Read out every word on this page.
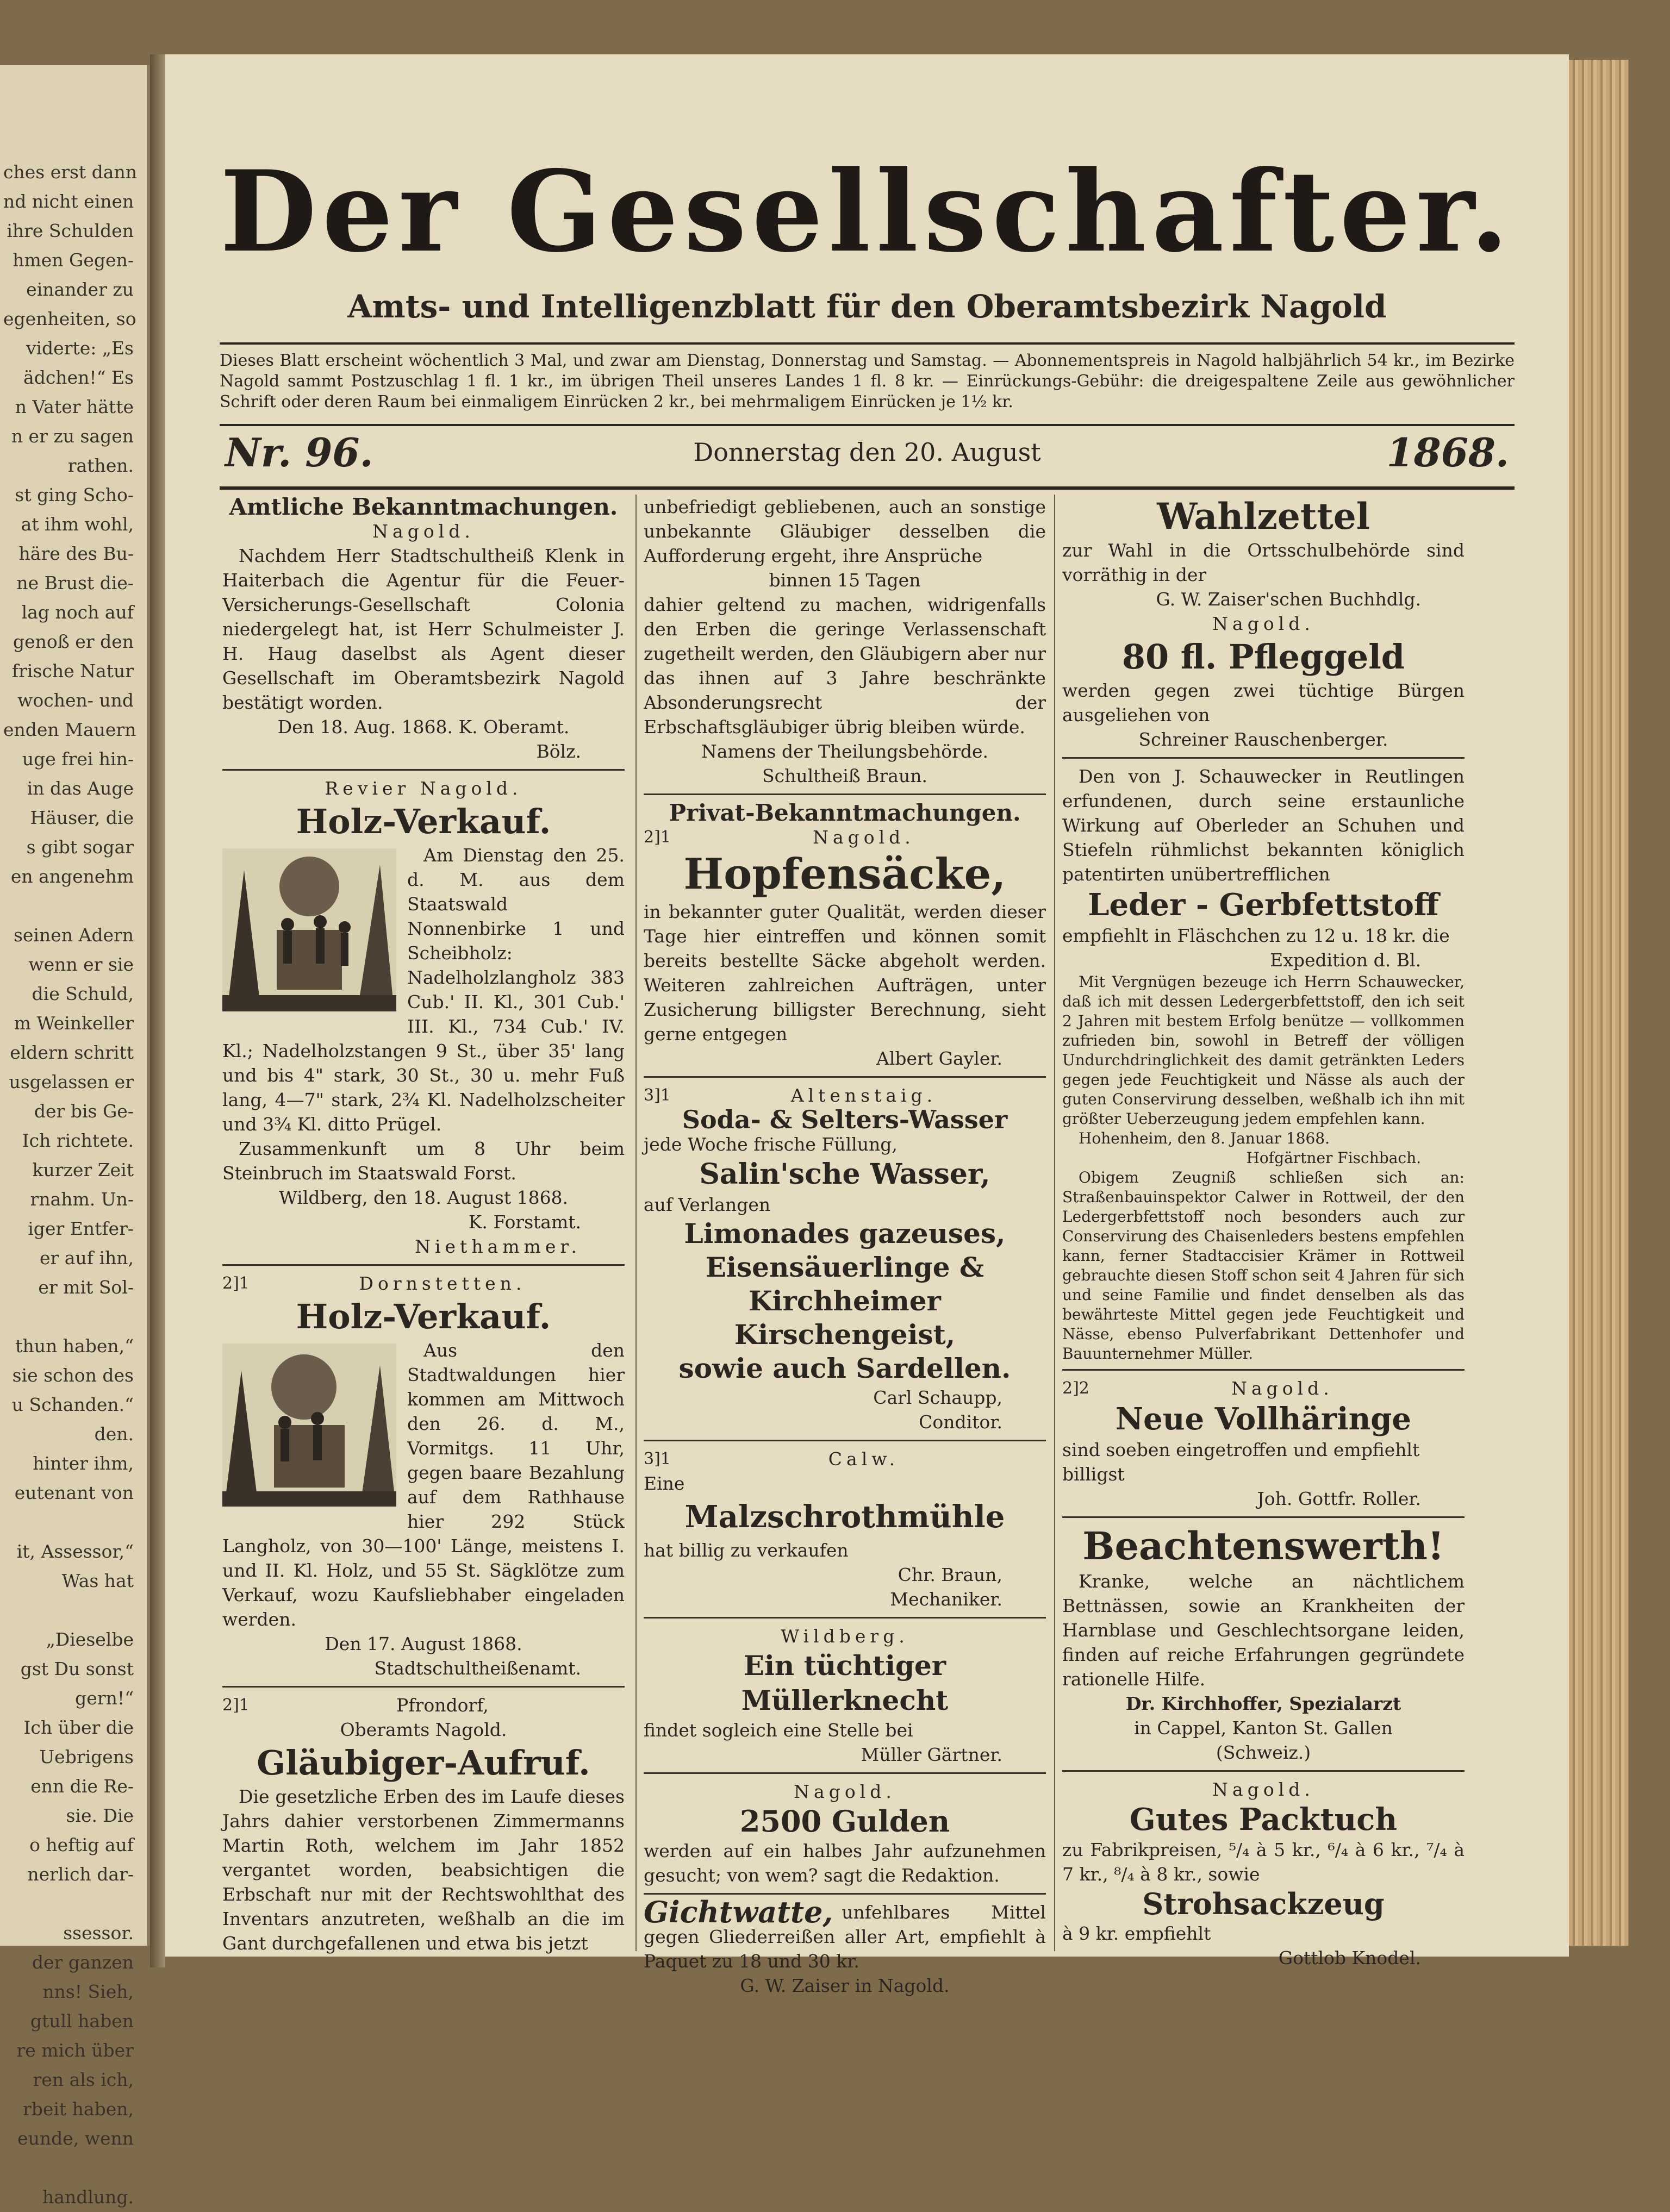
ches erst dann
nd nicht einen
ihre Schulden
hmen Gegen-
einander zu
egenheiten, so
viderte: „Es
ädchen!“ Es
n Vater hätte
n er zu sagen
rathen.
st ging Scho-
at ihm wohl,
häre des Bu-
ne Brust die-
lag noch auf
genoß er den
frische Natur
wochen- und
enden Mauern
uge frei hin-
in das Auge
Häuser, die
s gibt sogar
en angenehm

seinen Adern
wenn er sie
die Schuld,
m Weinkeller
eldern schritt
usgelassen er
der bis Ge-
Ich richtete.
kurzer Zeit
rnahm. Un-
iger Entfer-
er auf ihn,
er mit Sol-

thun haben,“
sie schon des
u Schanden.“
den.
hinter ihm,
eutenant von

it, Assessor,“
Was hat

„Dieselbe
gst Du sonst
gern!“
Ich über die
Uebrigens
enn die Re-
sie. Die
o heftig auf
nerlich dar-

ssessor.
der ganzen
nns! Sieh,
gtull haben
re mich über
ren als ich,
rbeit haben,
eunde, wenn

handlung.
Der Gesellschafter.
Amts- und Intelligenzblatt für den Oberamtsbezirk Nagold
Dieses Blatt erscheint wöchentlich 3 Mal, und zwar am Dienstag, Donnerstag und Samstag. — Abonnementspreis in Nagold halbjährlich 54 kr., im Bezirke Nagold sammt Postzuschlag 1 fl. 1 kr., im übrigen Theil unseres Landes 1 fl. 8 kr. — Einrückungs-Gebühr: die dreigespaltene Zeile aus gewöhnlicher Schrift oder deren Raum bei einmaligem Einrücken 2 kr., bei mehrmaligem Einrücken je 1½ kr.
Nr. 96.	Donnerstag den 20. August	1868.
Amtliche Bekanntmachungen.
Nagold.

Nachdem Herr Stadtschultheiß Klenk in Haiterbach die Agentur für die Feuer-Versicherungs-Gesellschaft Colonia niedergelegt hat, ist Herr Schulmeister J. H. Haug daselbst als Agent dieser Gesellschaft im Oberamtsbezirk Nagold bestätigt worden.

Den 18. Aug. 1868. K. Oberamt.
Bölz.
Revier Nagold.
Holz-Verkauf.

Am Dienstag den 25. d. M. aus dem Staatswald Nonnenbirke 1 und Scheibholz: Nadelholzlangholz 383 Cub.' II. Kl., 301 Cub.' III. Kl., 734 Cub.' IV. Kl.; Nadelholzstangen 9 St., über 35' lang und bis 4" stark, 30 St., 30 u. mehr Fuß lang, 4—7" stark, 2¾ Kl. Nadelholzscheiter und 3¾ Kl. ditto Prügel.

Zusammenkunft um 8 Uhr beim Steinbruch im Staatswald Forst.

Wildberg, den 18. August 1868.
K. Forstamt.
Niethammer.
2]1	Dornstetten.
Holz-Verkauf.

Aus den Stadtwaldungen hier kommen am Mittwoch den 26. d. M., Vormitgs. 11 Uhr, gegen baare Bezahlung auf dem Rathhause hier 292 Stück Langholz, von 30—100' Länge, meistens I. und II. Kl. Holz, und 55 St. Sägklötze zum Verkauf, wozu Kaufsliebhaber eingeladen werden.

Den 17. August 1868.
Stadtschultheißenamt.
2]1	Pfrondorf,
Oberamts Nagold.
Gläubiger-Aufruf.

Die gesetzliche Erben des im Laufe dieses Jahrs dahier verstorbenen Zimmermanns Martin Roth, welchem im Jahr 1852 vergantet worden, beabsichtigen die Erbschaft nur mit der Rechtswohlthat des Inventars anzutreten, weßhalb an die im Gant durchgefallenen und etwa bis jetzt

unbefriedigt gebliebenen, auch an sonstige unbekannte Gläubiger desselben die Aufforderung ergeht, ihre Ansprüche

binnen 15 Tagen

dahier geltend zu machen, widrigenfalls den Erben die geringe Verlassenschaft zugetheilt werden, den Gläubigern aber nur das ihnen auf 3 Jahre beschränkte Absonderungsrecht der Erbschaftsgläubiger übrig bleiben würde.

Namens der Theilungsbehörde.
Schultheiß Braun.
Privat-Bekanntmachungen.
2]1	Nagold.
Hopfensäcke,

in bekannter guter Qualität, werden dieser Tage hier eintreffen und können somit bereits bestellte Säcke abgeholt werden. Weiteren zahlreichen Aufträgen, unter Zusicherung billigster Berechnung, sieht gerne entgegen

Albert Gayler.
3]1	Altenstaig.
Soda- & Selters-Wasser
jede Woche frische Füllung,
Salin'sche Wasser,
auf Verlangen
Limonades gazeuses,
Eisensäuerlinge &
Kirchheimer Kirschengeist,
sowie auch Sardellen.
Carl Schaupp,
Conditor.
3]1	Calw.
Eine
Malzschrothmühle
hat billig zu verkaufen
Chr. Braun,
Mechaniker.
Wildberg.
Ein tüchtiger Müllerknecht
findet sogleich eine Stelle bei
Müller Gärtner.
Nagold.
2500 Gulden

werden auf ein halbes Jahr aufzunehmen gesucht; von wem? sagt die Redaktion.

Gichtwatte, unfehlbares Mittel gegen Gliederreißen aller Art, empfiehlt à Paquet zu 18 und 30 kr.

G. W. Zaiser in Nagold.
Wahlzettel

zur Wahl in die Ortsschulbehörde sind vorräthig in der

G. W. Zaiser'schen Buchhdlg.
Nagold.
80 fl. Pfleggeld

werden gegen zwei tüchtige Bürgen ausgeliehen von

Schreiner Rauschenberger.

Den von J. Schauwecker in Reutlingen erfundenen, durch seine erstaunliche Wirkung auf Oberleder an Schuhen und Stiefeln rühmlichst bekannten königlich patentirten unübertrefflichen

Leder - Gerbfettstoff
empfiehlt in Fläschchen zu 12 u. 18 kr. die
Expedition d. Bl.

Mit Vergnügen bezeuge ich Herrn Schauwecker, daß ich mit dessen Ledergerbfettstoff, den ich seit 2 Jahren mit bestem Erfolg benütze — vollkommen zufrieden bin, sowohl in Betreff der völligen Undurchdringlichkeit des damit getränkten Leders gegen jede Feuchtigkeit und Nässe als auch der guten Conservirung desselben, weßhalb ich ihn mit größter Ueberzeugung jedem empfehlen kann.

Hohenheim, den 8. Januar 1868.
Hofgärtner Fischbach.

Obigem Zeugniß schließen sich an: Straßenbauinspektor Calwer in Rottweil, der den Ledergerbfettstoff noch besonders auch zur Conservirung des Chaisenleders bestens empfehlen kann, ferner Stadtaccisier Krämer in Rottweil gebrauchte diesen Stoff schon seit 4 Jahren für sich und seine Familie und findet denselben als das bewährteste Mittel gegen jede Feuchtigkeit und Nässe, ebenso Pulverfabrikant Dettenhofer und Bauunternehmer Müller.

2]2	Nagold.
Neue Vollhäringe
sind soeben eingetroffen und empfiehlt billigst
Joh. Gottfr. Roller.
Beachtenswerth!

Kranke, welche an nächtlichem Bettnässen, sowie an Krankheiten der Harnblase und Geschlechtsorgane leiden, finden auf reiche Erfahrungen gegründete rationelle Hilfe.

Dr. Kirchhoffer, Spezialarzt
in Cappel, Kanton St. Gallen
(Schweiz.)
Nagold.
Gutes Packtuch

zu Fabrikpreisen, ⁵/₄ à 5 kr., ⁶/₄ à 6 kr., ⁷/₄ à 7 kr., ⁸/₄ à 8 kr., sowie

Strohsackzeug
à 9 kr. empfiehlt
Gottlob Knodel.
